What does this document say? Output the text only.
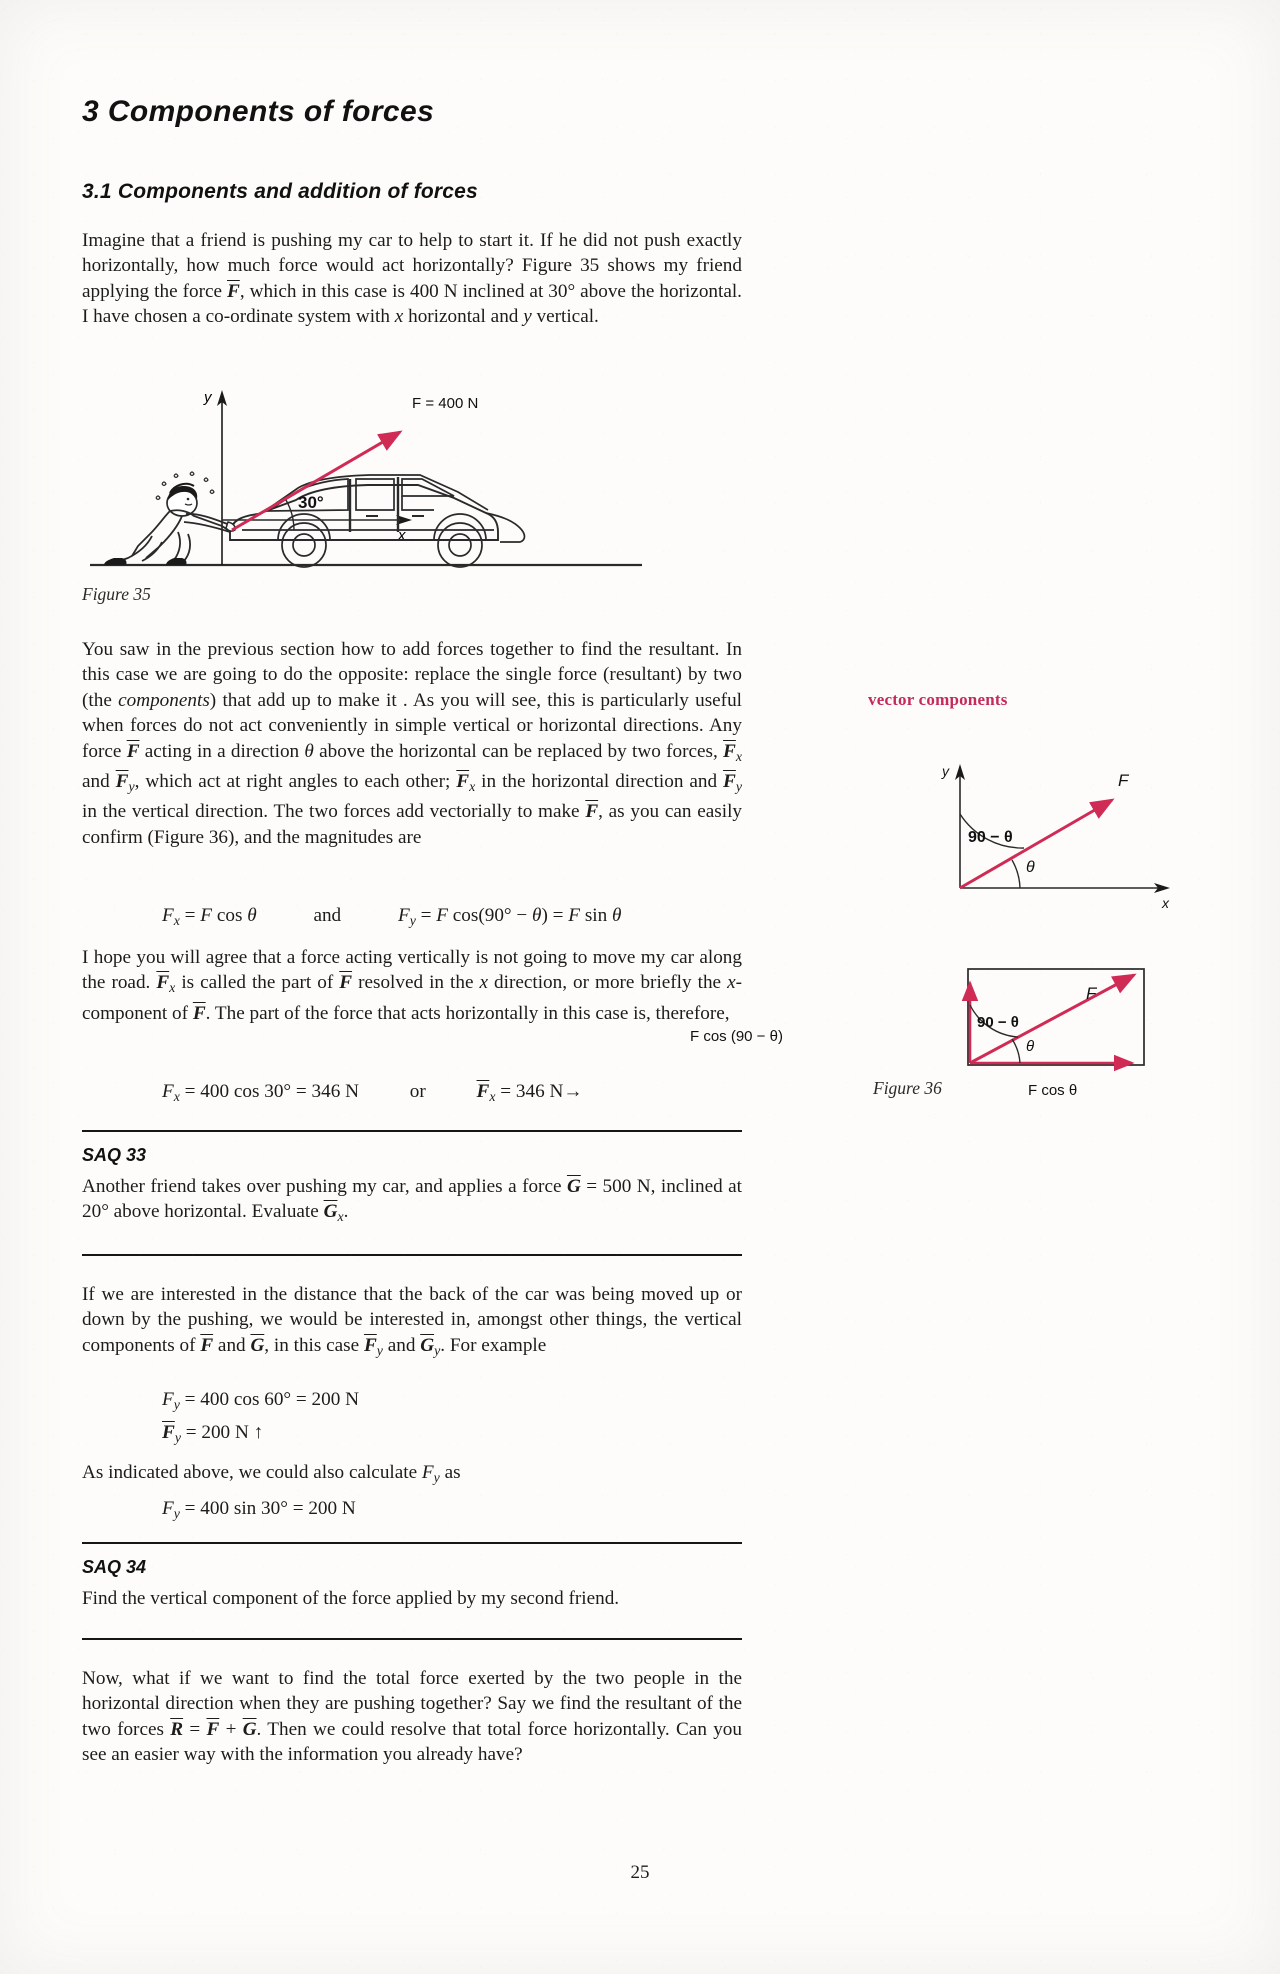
3 Components of forces
3.1 Components and addition of forces

Imagine that a friend is pushing my car to help to start it. If he did not push exactly horizontally, how much force would act horizontally? Figure 35 shows my friend applying the force $\overline{F}$, which in this case is 400 N inclined at 30° above the horizontal. I have chosen a co-ordinate system with x horizontal and y vertical.

y
x
30°
F = 400 N
Figure 35

You saw in the previous section how to add forces together to find the resultant. In this case we are going to do the opposite: replace the single force (resultant) by two (the components) that add up to make it . As you will see, this is particularly useful when forces do not act conveniently in simple vertical or horizontal directions. Any force $\overline{F}$ acting in a direction θ above the horizontal can be replaced by two forces, $\overline{F}_x$ and $\overline{F}_y$, which act at right angles to each other; $\overline{F}_x$ in the horizontal direction and $\overline{F}_y$ in the vertical direction. The two forces add vectorially to make $\overline{F}$, as you can easily confirm (Figure 36), and the magnitudes are

$F_x = F$ cos θ	and	$F_y = F$ cos(90° − θ) = F sin θ

I hope you will agree that a force acting vertically is not going to move my car along the road. $\overline{F}_x$ is called the part of $\overline{F}$ resolved in the x direction, or more briefly the x-component of $\overline{F}$. The part of the force that acts horizontally in this case is, therefore,

$F_x = 400$ cos 30° = 346 N or $\overline{F}_x = 346$ N→

SAQ 33

Another friend takes over pushing my car, and applies a force $\overline{G} = 500$ N, inclined at 20° above horizontal. Evaluate $\overline{G}_x$.

If we are interested in the distance that the back of the car was being moved up or down by the pushing, we would be interested in, amongst other things, the vertical components of $\overline{F}$ and $\overline{G}$, in this case $\overline{F}_y$ and $\overline{G}_y$. For example

$F_y = 400$ cos 60° = 200 N

$\overline{F}_y = 200$ N ↑

As indicated above, we could also calculate $F_y$ as

$F_y = 400$ sin 30° = 200 N

SAQ 34

Find the vertical component of the force applied by my second friend.

Now, what if we want to find the total force exerted by the two people in the horizontal direction when they are pushing together? Say we find the resultant of the two forces $\overline{R} = \overline{F} + \overline{G}$. Then we could resolve that total force horizontally. Can you see an easier way with the information you already have?

vector components
y
x
F
90 − θ
θ
F
90 − θ
θ
F cos θ
F cos (90 − θ)
Figure 36
25
